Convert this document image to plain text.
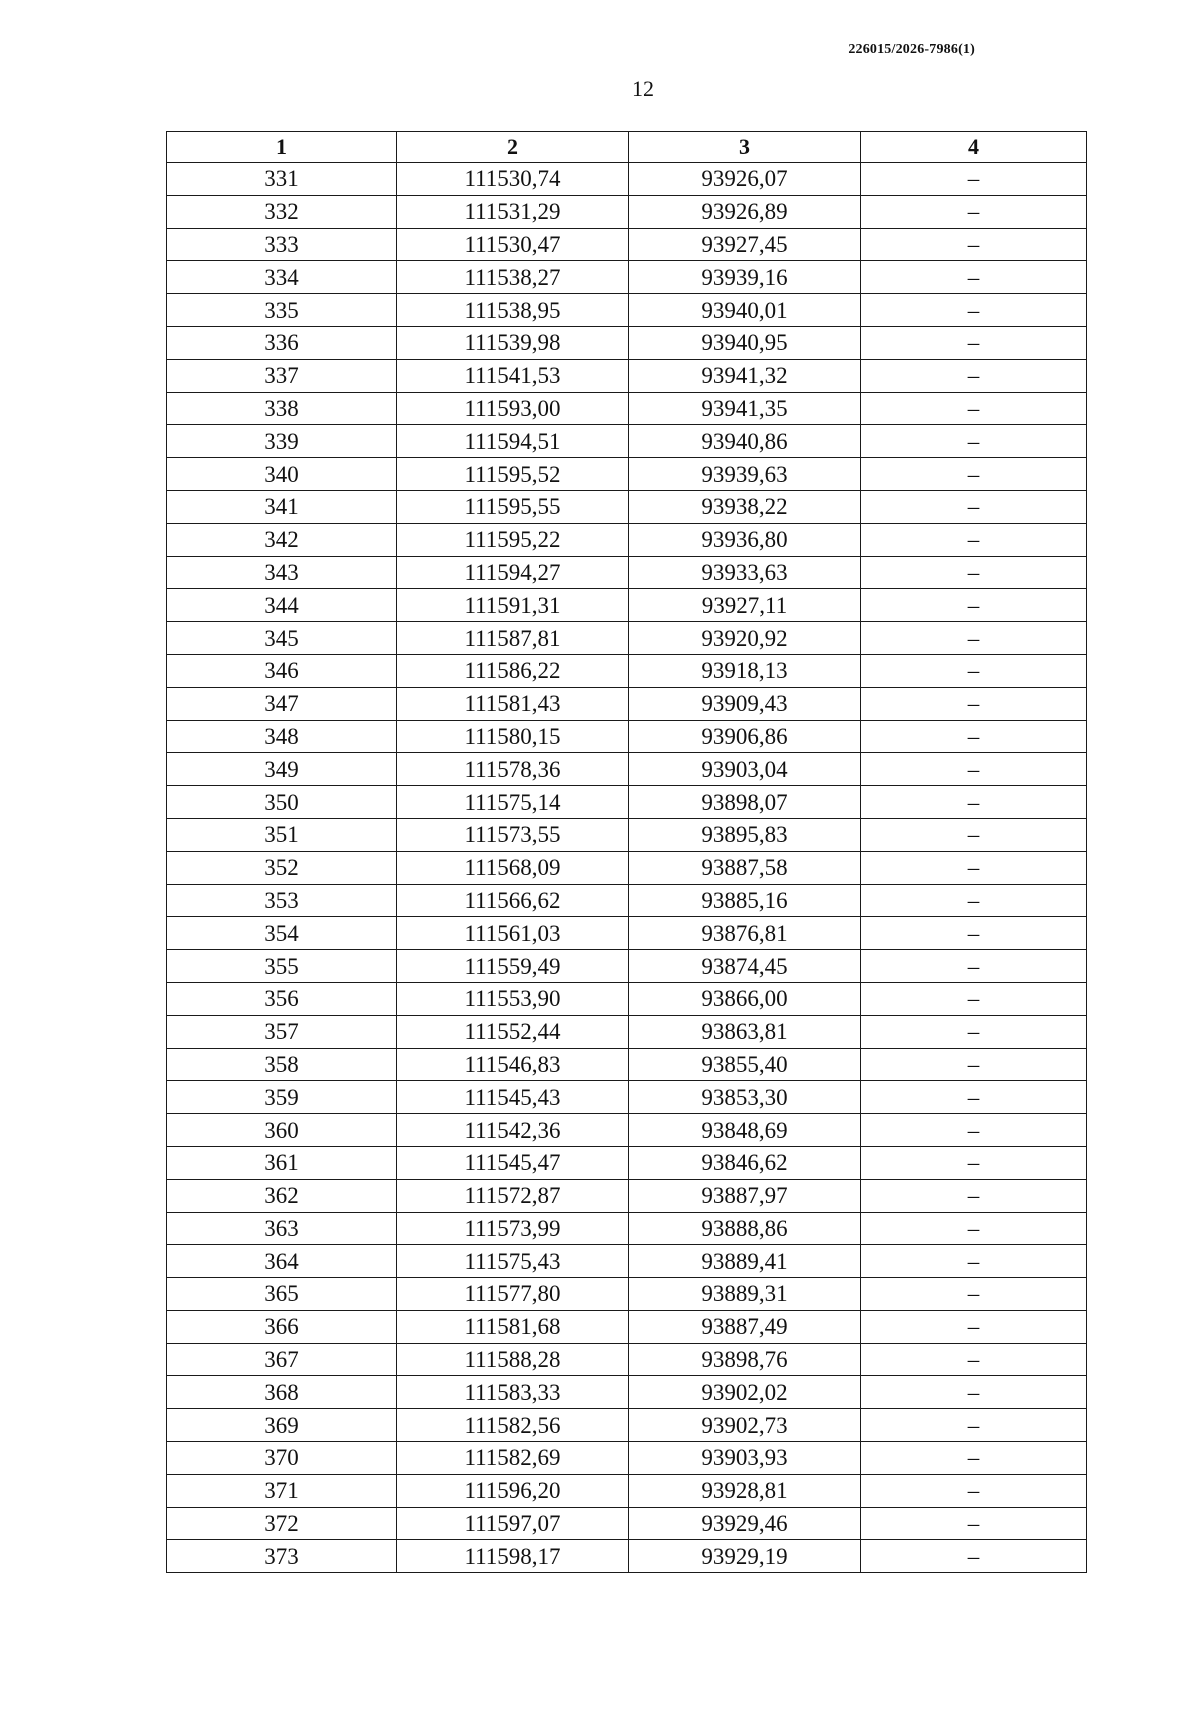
226015/2026-7986(1)
12
1	2	3	4
331	111530,74	93926,07	–
332	111531,29	93926,89	–
333	111530,47	93927,45	–
334	111538,27	93939,16	–
335	111538,95	93940,01	–
336	111539,98	93940,95	–
337	111541,53	93941,32	–
338	111593,00	93941,35	–
339	111594,51	93940,86	–
340	111595,52	93939,63	–
341	111595,55	93938,22	–
342	111595,22	93936,80	–
343	111594,27	93933,63	–
344	111591,31	93927,11	–
345	111587,81	93920,92	–
346	111586,22	93918,13	–
347	111581,43	93909,43	–
348	111580,15	93906,86	–
349	111578,36	93903,04	–
350	111575,14	93898,07	–
351	111573,55	93895,83	–
352	111568,09	93887,58	–
353	111566,62	93885,16	–
354	111561,03	93876,81	–
355	111559,49	93874,45	–
356	111553,90	93866,00	–
357	111552,44	93863,81	–
358	111546,83	93855,40	–
359	111545,43	93853,30	–
360	111542,36	93848,69	–
361	111545,47	93846,62	–
362	111572,87	93887,97	–
363	111573,99	93888,86	–
364	111575,43	93889,41	–
365	111577,80	93889,31	–
366	111581,68	93887,49	–
367	111588,28	93898,76	–
368	111583,33	93902,02	–
369	111582,56	93902,73	–
370	111582,69	93903,93	–
371	111596,20	93928,81	–
372	111597,07	93929,46	–
373	111598,17	93929,19	–
